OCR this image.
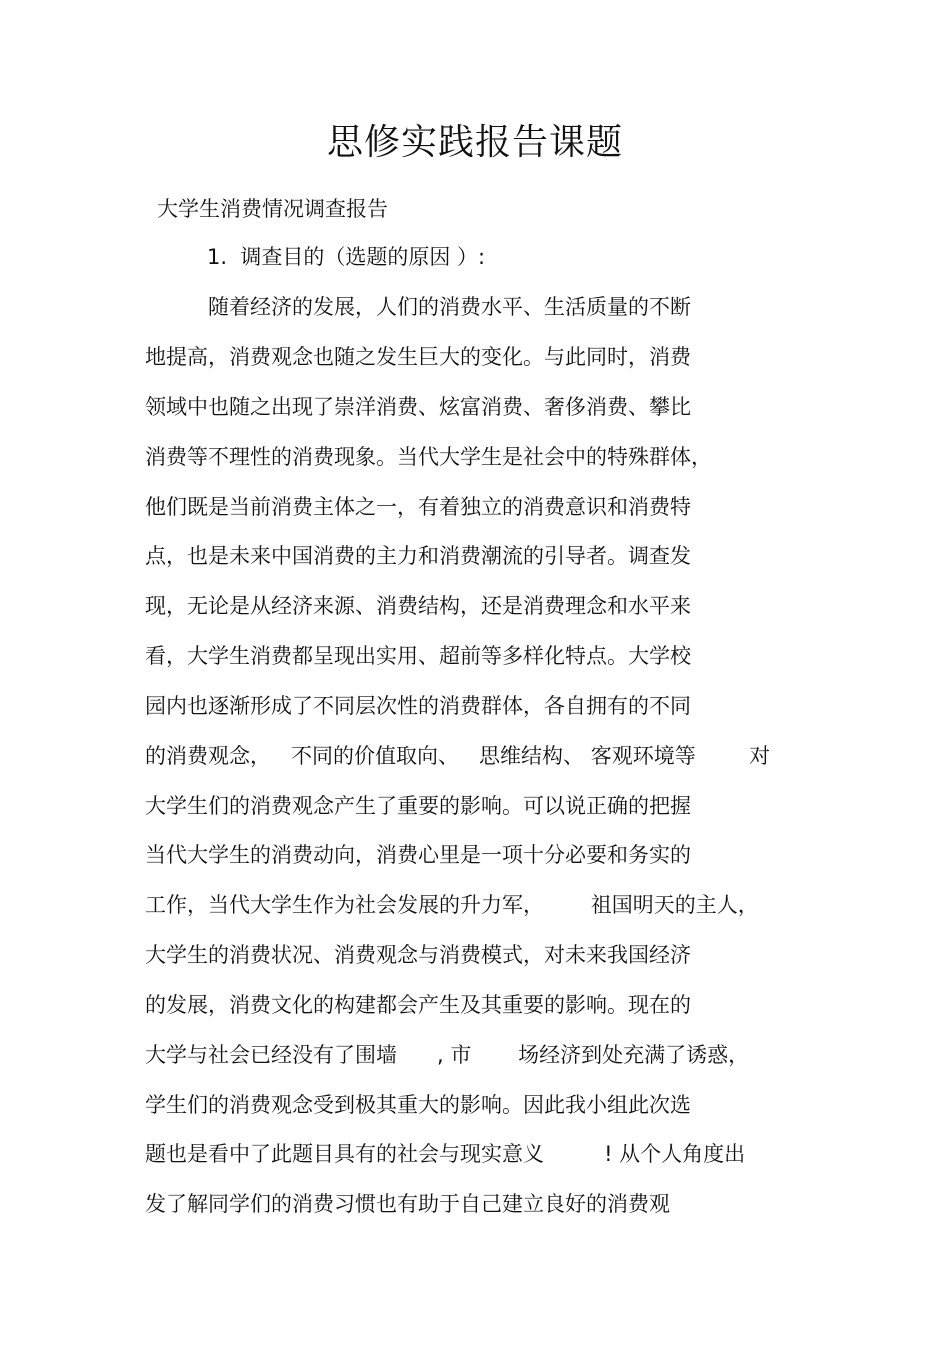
思修实践报告课题
大学生消费情况调查报告
1.  调查目的（选题的原因 ）:
随着经济的发展，人们的消费水平、生活质量的不断
地提高，消费观念也随之发生巨大的变化。与此同时，消费
领域中也随之出现了崇洋消费、炫富消费、奢侈消费、攀比
消费等不理性的消费现象。当代大学生是社会中的特殊群体，
他们既是当前消费主体之一，有着独立的消费意识和消费特
点，也是未来中国消费的主力和消费潮流的引导者。调查发
现，无论是从经济来源、消费结构，还是消费理念和水平来
看，大学生消费都呈现出实用、超前等多样化特点。大学校
园内也逐渐形成了不同层次性的消费群体，各自拥有的不同
的消费观念，   不同的价值取向、   思维结构、 客观环境等        对
大学生们的消费观念产生了重要的影响。可以说正确的把握
当代大学生的消费动向，消费心里是一项十分必要和务实的
工作，当代大学生作为社会发展的升力军，       祖国明天的主人，
大学生的消费状况、消费观念与消费模式，对未来我国经济
的发展，消费文化的构建都会产生及其重要的影响。现在的
大学与社会已经没有了围墙      , 市       场经济到处充满了诱惑，
学生们的消费观念受到极其重大的影响。因此我小组此次选
题也是看中了此题目具有的社会与现实意义         ! 从个人角度出
发了解同学们的消费习惯也有助于自己建立良好的消费观
